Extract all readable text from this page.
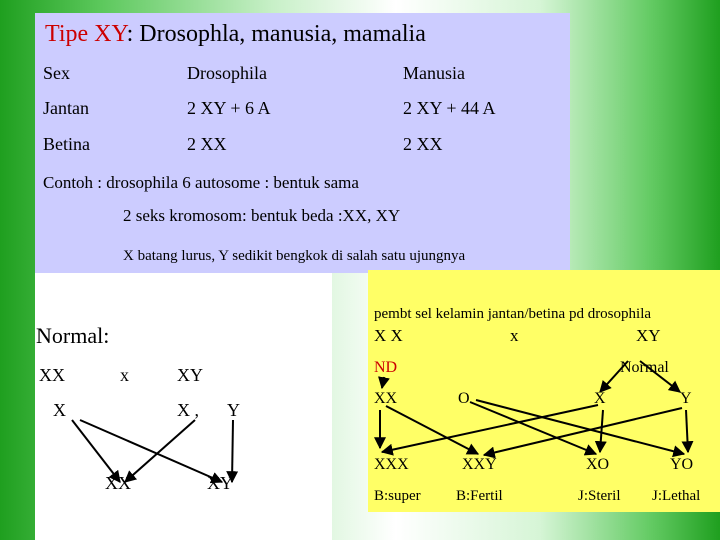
Tipe XY: Drosophla, manusia, mamalia
Sex	Drosophila	Manusia
Jantan	2 XY + 6 A	2 XY + 44 A
Betina	2 XX	2 XX
Contoh : drosophila 6 autosome : bentuk sama
2 seks kromosom: bentuk beda :XX, XY
X batang lurus, Y sedikit bengkok di salah satu ujungnya
Normal:
XX	x	XY
X	X , Y
XX	XY
pembt sel kelamin jantan/betina pd drosophila
X X	x	XY
ND	Normal
XX	O	X	Y
XXX	XXY	XO	YO
B:super B:Fertil	J:Steril J:Lethal
